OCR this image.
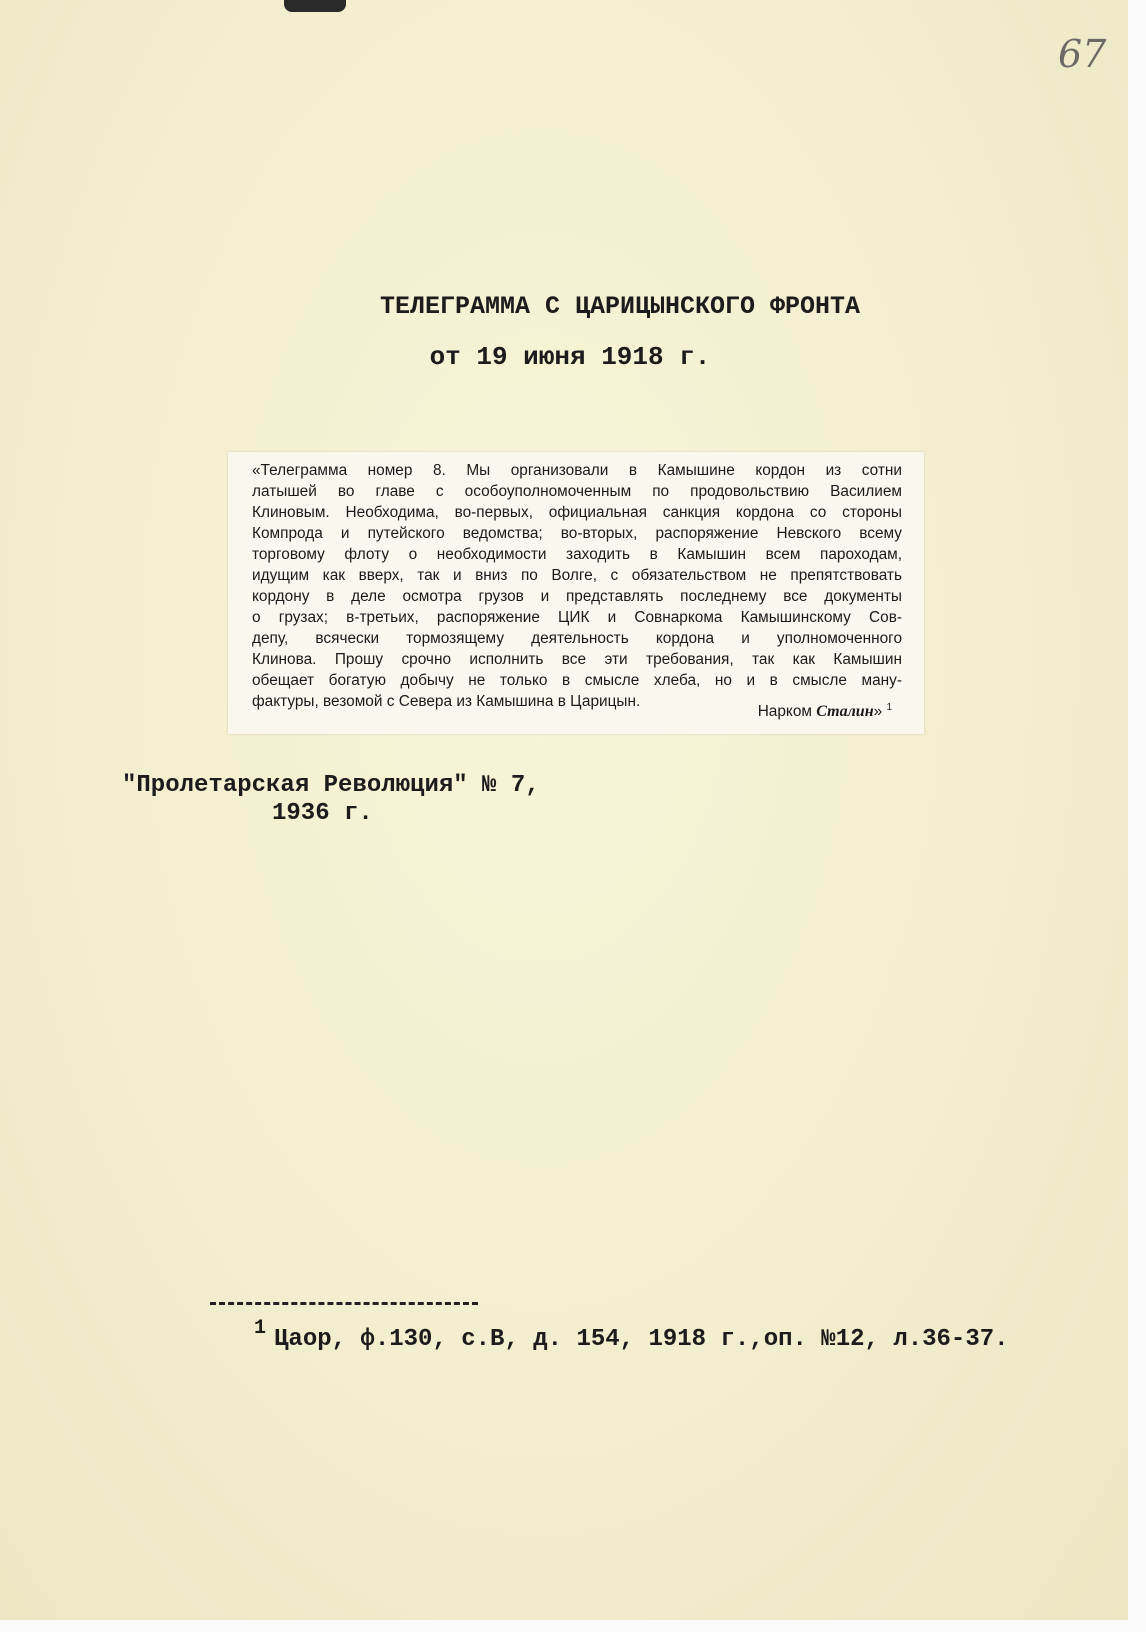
67
ТЕЛЕГРАММА С ЦАРИЦЫНСКОГО ФРОНТА
от 19 июня 1918 г.
«Телеграмма номер 8. Мы организовали в Камышине кордон из сотни
латышей во главе с особоуполномоченным по продовольствию Василием
Клиновым. Необходима, во-первых, официальная санкция кордона со стороны
Компрода и путейского ведомства; во-вторых, распоряжение Невского всему
торговому флоту о необходимости заходить в Камышин всем пароходам,
идущим как вверх, так и вниз по Волге, с обязательством не препятствовать
кордону в деле осмотра грузов и представлять последнему все документы
о грузах; в-третьих, распоряжение ЦИК и Совнаркома Камышинскому Сов-
депу, всячески тормозящему деятельность кордона и уполномоченного
Клинова. Прошу срочно исполнить все эти требования, так как Камышин
обещает богатую добычу не только в смысле хлеба, но и в смысле ману-
фактуры, везомой с Севера из Камышина в Царицын.
Нарком Сталин» $^1$
"Пролетарская Революция" № 7,
1936 г.
$^1$ Цаор, ф.130, с.В, д. 154, 1918 г.,оп. №12, л.36-37.
